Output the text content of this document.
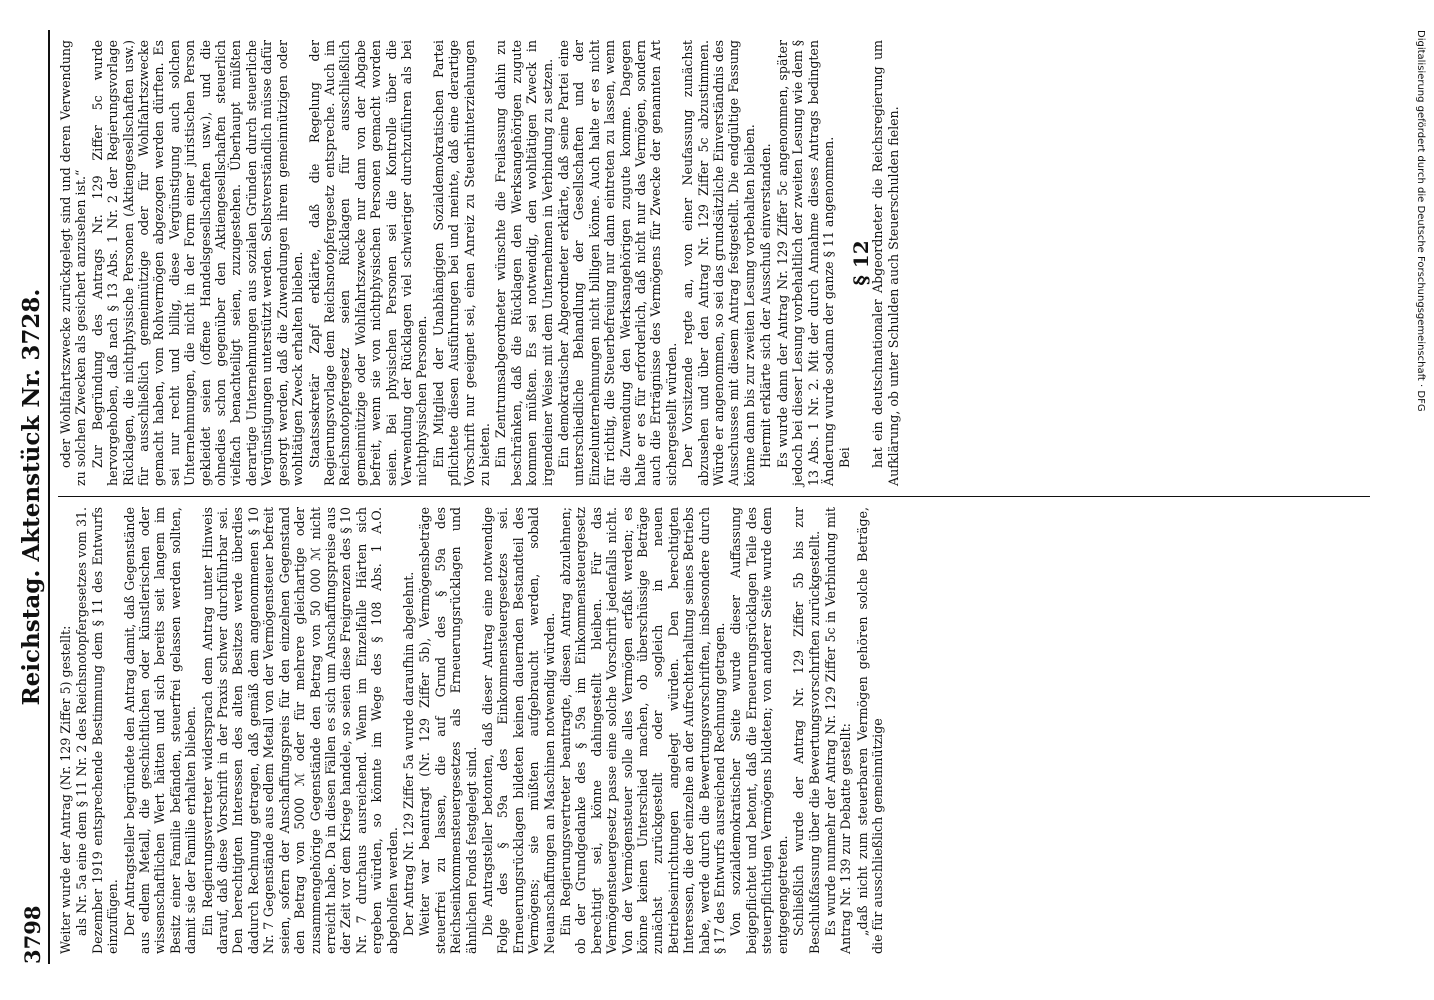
3798
Reichstag. Aktenstück Nr. 3728.

Weiter wurde der Antrag (Nr. 129 Ziffer 5) gestellt: als Nr. 5a eine dem § 11 Nr. 2 des Reichsnotopfergesetzes vom 31. Dezember 1919 entsprechende Bestimmung dem § 11 des Entwurfs einzufügen. Der Antragsteller begründete den Antrag damit, daß Gegenstände aus edlem Metall, die geschichtlichen oder künstlerischen oder wissenschaftlichen Wert hätten und sich bereits seit langem im Besitz einer Familie befänden, steuerfrei gelassen werden sollten, damit sie der Familie erhalten blieben. Ein Regierungsvertreter widersprach dem Antrag unter Hinweis darauf, daß diese Vorschrift in der Praxis schwer durchführbar sei. Den berechtigten Interessen des alten Besitzes werde überdies dadurch Rechnung getragen, daß gemäß dem angenommenen § 10 Nr. 7 Gegenstände aus edlem Metall von der Vermögensteuer befreit seien, sofern der Anschaffungspreis für den einzelnen Gegenstand den Betrag von 5000 ℳ oder für mehrere gleichartige oder zusammengehörige Gegenstände den Betrag von 50 000 ℳ nicht erreicht habe. Da in diesen Fällen es sich um Anschaffungspreise aus der Zeit vor dem Kriege handele, so seien diese Freigrenzen des § 10 Nr. 7 durchaus ausreichend. Wenn im Einzelfalle Härten sich ergeben würden, so könnte im Wege des § 108 Abs. 1 A.O. abgeholfen werden. Der Antrag Nr. 129 Ziffer 5a wurde daraufhin abgelehnt. Weiter war beantragt (Nr. 129 Ziffer 5b), Vermögensbeträge steuerfrei zu lassen, die auf Grund des § 59a des Reichseinkommensteuergesetzes als Erneuerungsrücklagen und ähnlichen Fonds festgelegt sind. Die Antragsteller betonten, daß dieser Antrag eine notwendige Folge des § 59a des Einkommensteuergesetzes sei. Erneuerungsrücklagen bildeten keinen dauernden Bestandteil des Vermögens; sie müßten aufgebraucht werden, sobald Neuanschaffungen an Maschinen notwendig würden. Ein Regierungsvertreter beantragte, diesen Antrag abzulehnen; ob der Grundgedanke des § 59a im Einkommensteuergesetz berechtigt sei, könne dahingestellt bleiben. Für das Vermögensteuergesetz passe eine solche Vorschrift jedenfalls nicht. Von der Vermögensteuer solle alles Vermögen erfaßt werden; es könne keinen Unterschied machen, ob überschüssige Beträge zunächst zurückgestellt oder sogleich in neuen Betriebseinrichtungen angelegt würden. Den berechtigten Interessen, die der einzelne an der Aufrechterhaltung seines Betriebs habe, werde durch die Bewertungsvorschriften, insbesondere durch § 17 des Entwurfs ausreichend Rechnung getragen. Von sozialdemokratischer Seite wurde dieser Auffassung beigepflichtet und betont, daß die Erneuerungsrücklagen Teile des steuerpflichtigen Vermögens bildeten; von anderer Seite wurde dem entgegengetreten. Schließlich wurde der Antrag Nr. 129 Ziffer 5b bis zur Beschlußfassung über die Bewertungsvorschriften zurückgestellt. Es wurde nunmehr der Antrag Nr. 129 Ziffer 5c in Verbindung mit Antrag Nr. 139 zur Debatte gestellt: „daß nicht zum steuerbaren Vermögen gehören solche Beträge, die für ausschließlich gemeinnützige

oder Wohlfahrtszwecke zurückgelegt sind und deren Verwendung zu solchen Zwecken als gesichert anzusehen ist.“ Zur Begründung des Antrags Nr. 129 Ziffer 5c wurde hervorgehoben, daß nach § 13 Abs. 1 Nr. 2 der Regierungsvorlage Rücklagen, die nichtphysische Personen (Aktiengesellschaften usw.) für ausschließlich gemeinnützige oder für Wohlfahrtszwecke gemacht haben, vom Rohvermögen abgezogen werden dürften. Es sei nur recht und billig, diese Vergünstigung auch solchen Unternehmungen, die nicht in der Form einer juristischen Person gekleidet seien (offene Handelsgesellschaften usw.), und die ohnedies schon gegenüber den Aktiengesellschaften steuerlich vielfach benachteiligt seien, zuzugestehen. Überhaupt müßten derartige Unternehmungen aus sozialen Gründen durch steuerliche Vergünstigungen unterstützt werden. Selbstverständlich müsse dafür gesorgt werden, daß die Zuwendungen ihrem gemeinnützigen oder wohltätigen Zweck erhalten blieben. Staatssekretär Zapf erklärte, daß die Regelung der Regierungsvorlage dem Reichsnotopfergesetz entspreche. Auch im Reichsnotopfergesetz seien Rücklagen für ausschließlich gemeinnützige oder Wohlfahrtszwecke nur dann von der Abgabe befreit, wenn sie von nichtphysischen Personen gemacht worden seien. Bei physischen Personen sei die Kontrolle über die Verwendung der Rücklagen viel schwieriger durchzuführen als bei nichtphysischen Personen. Ein Mitglied der Unabhängigen Sozialdemokratischen Partei pflichtete diesen Ausführungen bei und meinte, daß eine derartige Vorschrift nur geeignet sei, einen Anreiz zu Steuerhinterziehungen zu bieten. Ein Zentrumsabgeordneter wünschte die Freilassung dahin zu beschränken, daß die Rücklagen den Werksangehörigen zugute kommen müßten. Es sei notwendig, den wohltätigen Zweck in irgendeiner Weise mit dem Unternehmen in Verbindung zu setzen. Ein demokratischer Abgeordneter erklärte, daß seine Partei eine unterschiedliche Behandlung der Gesellschaften und der Einzelunternehmungen nicht billigen könne. Auch halte er es nicht für richtig, die Steuerbefreiung nur dann eintreten zu lassen, wenn die Zuwendung den Werksangehörigen zugute komme. Dagegen halte er es für erforderlich, daß nicht nur das Vermögen, sondern auch die Erträgnisse des Vermögens für Zwecke der genannten Art sichergestellt würden. Der Vorsitzende regte an, von einer Neufassung zunächst abzusehen und über den Antrag Nr. 129 Ziffer 5c abzustimmen. Würde er angenommen, so sei das grundsätzliche Einverständnis des Ausschusses mit diesem Antrag festgestellt. Die endgültige Fassung könne dann bis zur zweiten Lesung vorbehalten bleiben. Hiermit erklärte sich der Ausschuß einverstanden. Es wurde dann der Antrag Nr. 129 Ziffer 5c angenommen, später jedoch bei dieser Lesung vorbehaltlich der zweiten Lesung wie dem § 13 Abs. 1 Nr. 2. Mit der durch Annahme dieses Antrags bedingten Änderung wurde sodann der ganze § 11 angenommen. Bei

§ 12

hat ein deutschnationaler Abgeordneter die Reichsregierung um Aufklärung, ob unter Schulden auch Steuerschulden fielen.	Digitalisierung gefördert durch die Deutsche Forschungsgemeinschaft · DFG
